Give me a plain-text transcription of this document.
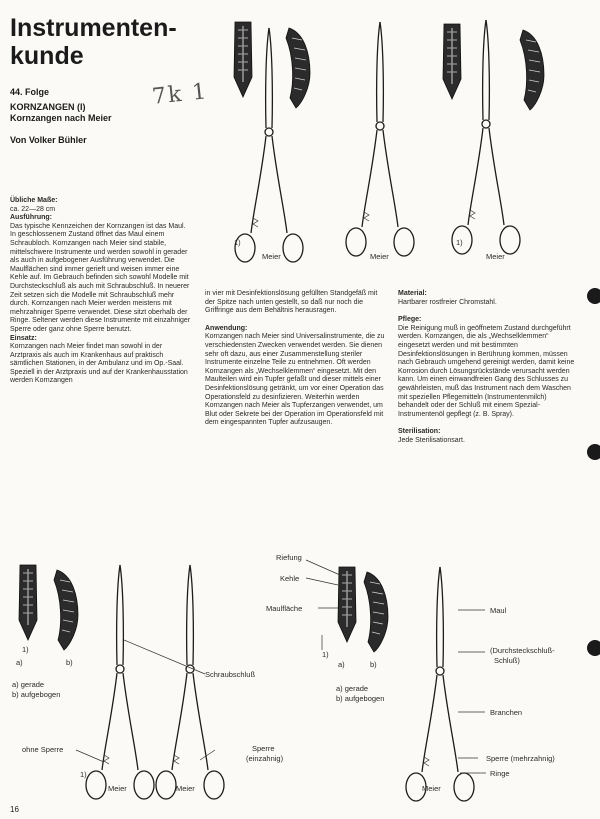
Instrumenten-
kunde
44. Folge
KORNZANGEN (I)
Kornzangen nach Meier
Von Volker Bühler
7k 1

Übliche Maße:

ca. 22—28 cm

Ausführung:

Das typische Kennzeichen der Kornzangen ist das Maul. In geschlossenem Zustand öffnet das Maul einem Schraubloch. Kornzangen nach Meier sind stabile, mittelschwere Instrumente und werden sowohl in gerader als auch in aufgebogener Ausführung verwendet. Die Maulflächen sind immer gerieft und weisen immer eine Kehle auf. Im Gebrauch befinden sich sowohl Modelle mit Durchsteckschluß als auch mit Schraubschluß. In neuerer Zeit setzen sich die Modelle mit Schraubschluß mehr durch. Kornzangen nach Meier werden meistens mit mehrzahniger Sperre verwendet. Diese sitzt oberhalb der Ringe. Seltener werden diese Instrumente mit einzahniger Sperre oder ganz ohne Sperre benutzt.

Einsatz:

Kornzangen nach Meier findet man sowohl in der Arztpraxis als auch im Krankenhaus auf praktisch sämtlichen Stationen, in der Ambulanz und im Op.-Saal. Speziell in der Arztpraxis und auf der Krankenhausstation werden Kornzangen

in vier mit Desinfektionslösung gefüllten Standgefäß mit der Spitze nach unten gestellt, so daß nur noch die Griffringe aus dem Behältnis herausragen.

Anwendung:

Kornzangen nach Meier sind Universalinstrumente, die zu verschiedensten Zwecken verwendet werden. Sie dienen sehr oft dazu, aus einer Zusammenstellung steriler Instrumente einzelne Teile zu entnehmen. Oft werden Kornzangen als „Wechselklemmen“ eingesetzt. Mit den Maulteilen wird ein Tupfer gefaßt und dieser mittels einer Desinfektionslösung getränkt, um vor einer Operation das Operationsfeld zu desinfizieren. Weiterhin werden Kornzangen nach Meier als Tupferzangen verwendet, um Blut oder Sekrete bei der Operation im Operationsfeld mit dem eingespannten Tupfer aufzusaugen.

Material:

Hartbarer rostfreier Chromstahl.

Pflege:

Die Reinigung muß in geöffnetem Zustand durchgeführt werden. Kornzangen, die als „Wechselklemmen“ eingesetzt werden und mit bestimmten Desinfektionslösungen in Berührung kommen, müssen nach Gebrauch umgehend gereinigt werden, damit keine Korrosion durch Lösungsrückstände verursacht werden kann. Um einen einwandfreien Gang des Schlusses zu gewährleisten, muß das Instrument nach dem Waschen mit speziellen Pflegemitteln (Instrumentenmilch) behandelt oder der Schluß mit einem Spezial-Instrumentenöl gepflegt (z. B. Spray).

Sterilisation:

Jede Sterilisationsart.

Meier	Meier	Meier
1)	1)
a)	b)
1)
a) gerade
b) aufgebogen
Schraubschluß
ohne Sperre	Sperre
(einzahnig)
1)
Meier	Meier
Riefung
Kehle
Maulfläche
1)
a)	b)
a) gerade
b) aufgebogen
Maul
(Durchsteckschluß-
Schluß)
Branchen
Sperre (mehrzahnig)
Ringe
Meier
16
